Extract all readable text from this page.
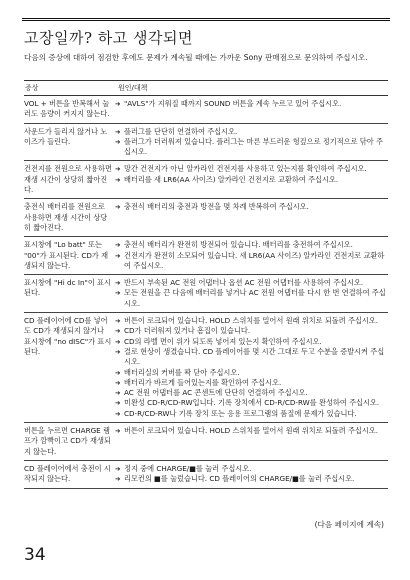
고장일까? 하고 생각되면

다음의 증상에 대하여 점검한 후에도 문제가 계속될 때에는 가까운 Sony 판매점으로 문의하여 주십시오.

증상	원인/대책
VOL + 버튼을 반복해서 눌러도 음량이 커지지 않는다.
➔ "AVLS"가 지워질 때까지 SOUND 버튼을 계속 누르고 있어 주십시오.
사운드가 들리지 않거나 노이즈가 들린다.
➔ 플러그를 단단히 연결하여 주십시오.
➔ 플러그가 더러워져 있습니다. 플러그는 마른 부드러운 헝겊으로 정기적으로 닦아 주십시오.
건전지를 전원으로 사용하면 재생 시간이 상당히 짧아진다.
➔ 망간 건전지가 아닌 알카라인 건전지를 사용하고 있는지를 확인하여 주십시오.
➔ 배터리를 새 LR6(AA 사이즈) 알카라인 건전지로 교환하여 주십시오.
충전식 배터리를 전원으로 사용하면 재생 시간이 상당히 짧아진다.
➔ 충전식 배터리의 충전과 방전을 몇 차례 반복하여 주십시오.
표시창에 "Lo batt" 또는 "00"가 표시된다. CD가 재생되지 않는다.
➔ 충전식 배터리가 완전히 방전되어 있습니다. 배터리를 충전하여 주십시오.
➔ 건전지가 완전히 소모되어 있습니다. 새 LR6(AA 사이즈) 알카라인 건전지로 교환하여 주십시오.
표시창에 "Hi dc In"이 표시된다.
➔ 반드시 부속된 AC 전원 어댑터나 옵션 AC 전원 어댑터를 사용하여 주십시오.
➔ 모든 전원을 끈 다음에 배터리를 넣거나 AC 전원 어댑터를 다시 한 번 연결하여 주십시오.
CD 플레이어에 CD를 넣어도 CD가 재생되지 않거나 표시창에 "no dISC"가 표시된다.
➔ 버튼이 로크되어 있습니다. HOLD 스위치를 밀어서 원래 위치로 되돌려 주십시오.
➔ CD가 더러워져 있거나 흠집이 있습니다.
➔ CD의 라벨 면이 위가 되도록 넣어져 있는지 확인하여 주십시오.
➔ 결로 현상이 생겼습니다. CD 플레이어를 몇 시간 그대로 두고 수분을 증발시켜 주십시오.
➔ 배터리실의 커버를 꽉 닫아 주십시오.
➔ 배터리가 바르게 들어있는지를 확인하여 주십시오.
➔ AC 전원 어댑터를 AC 콘센트에 단단히 연결하여 주십시오.
➔ 미완성 CD-R/CD-RW입니다. 기록 장치에서 CD-R/CD-RW를 완성하여 주십시오.
➔ CD-R/CD-RW나 기록 장치 또는 응용 프로그램의 품질에 문제가 있습니다.
버튼을 누르면 CHARGE 램프가 깜빡이고 CD가 재생되지 않는다.
➔ 버튼이 로크되어 있습니다. HOLD 스위치를 밀어서 원래 위치로 되돌려 주십시오.
CD 플레이어에서 충전이 시작되지 않는다.
➔ 정지 중에 CHARGE/■를 눌러 주십시오.
➔ 리모컨의 ■를 눌렀습니다. CD 플레이어의 CHARGE/■를 눌러 주십시오.

(다음 페이지에 계속)

34
